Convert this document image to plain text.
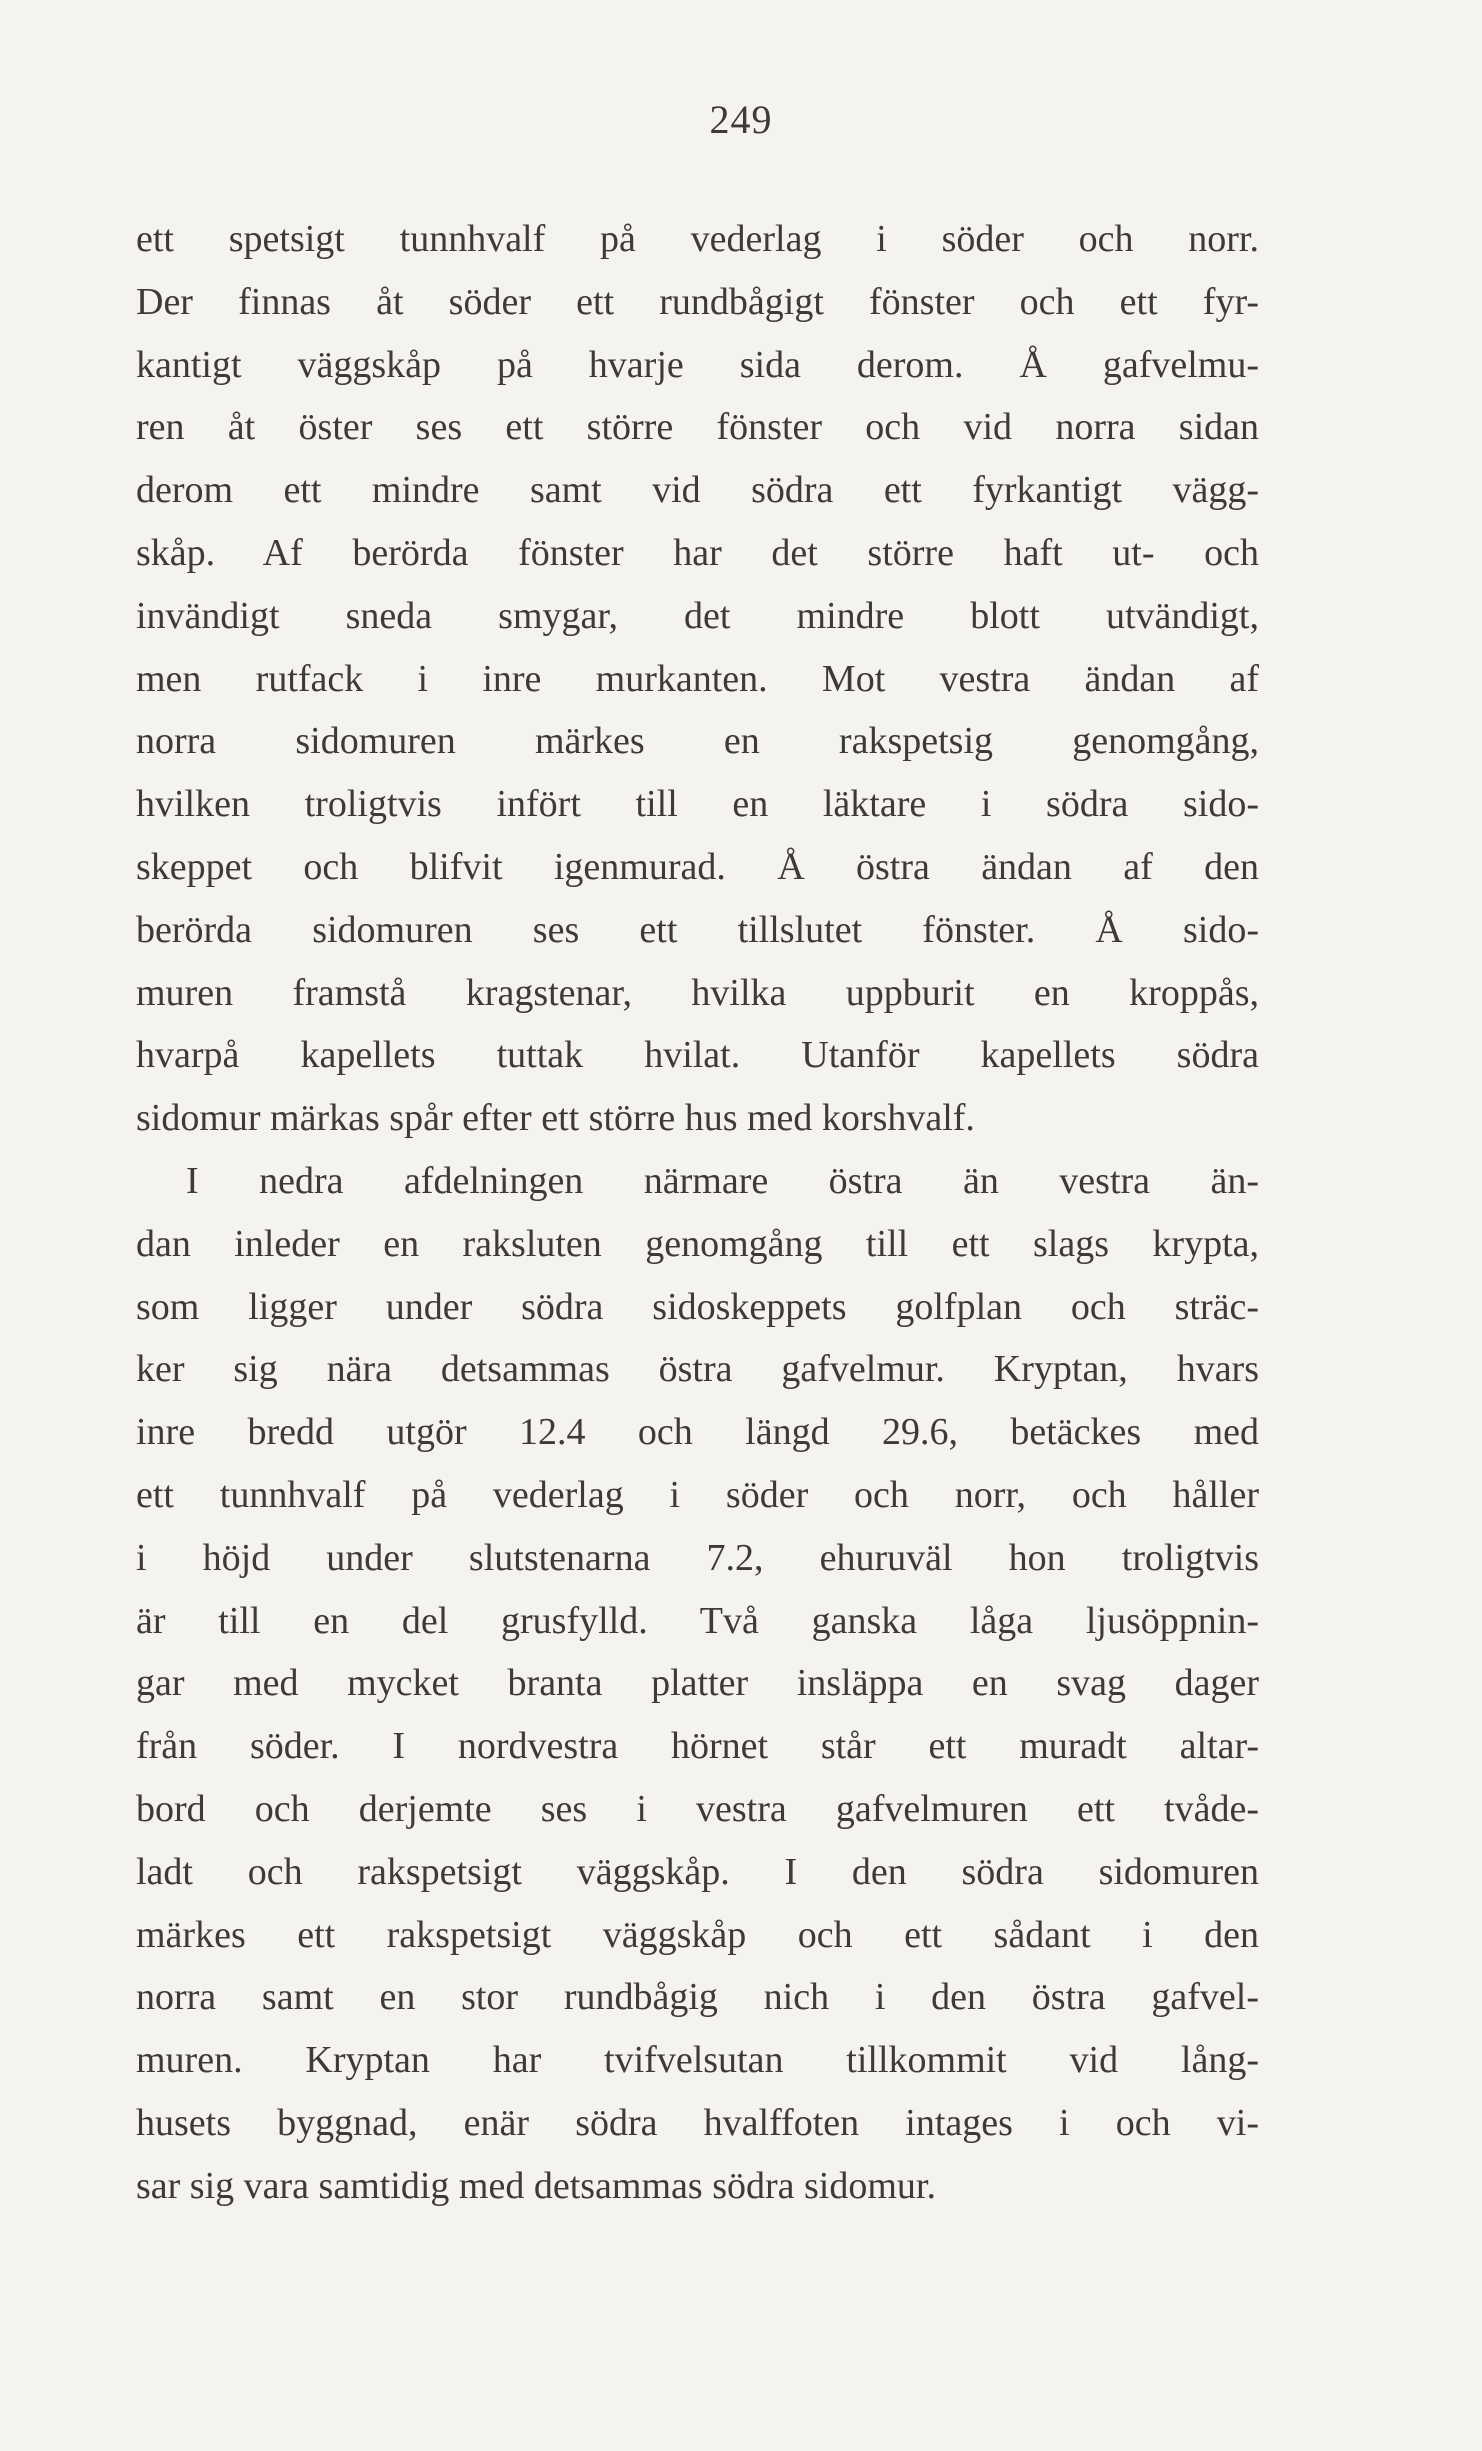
249
ett spetsigt tunnhvalf på vederlag i söder och norr.
Der finnas åt söder ett rundbågigt fönster och ett fyr-
kantigt väggskåp på hvarje sida derom. Å gafvelmu-
ren åt öster ses ett större fönster och vid norra sidan
derom ett mindre samt vid södra ett fyrkantigt vägg-
skåp. Af berörda fönster har det större haft ut- och
invändigt sneda smygar, det mindre blott utvändigt,
men rutfack i inre murkanten. Mot vestra ändan af
norra sidomuren märkes en rakspetsig genomgång,
hvilken troligtvis infört till en läktare i södra sido-
skeppet och blifvit igenmurad. Å östra ändan af den
berörda sidomuren ses ett tillslutet fönster. Å sido-
muren framstå kragstenar, hvilka uppburit en kroppås,
hvarpå kapellets tuttak hvilat. Utanför kapellets södra
sidomur märkas spår efter ett större hus med korshvalf.
I nedra afdelningen närmare östra än vestra än-
dan inleder en rakslutеn genomgång till ett slags krypta,
som ligger under södra sidoskeppets golfplan och sträc-
ker sig nära detsammas östra gafvelmur. Kryptan, hvars
inre bredd utgör 12.4 och längd 29.6, betäckes med
ett tunnhvalf på vederlag i söder och norr, och håller
i höjd under slutstenarna 7.2, ehuruväl hon troligtvis
är till en del grusfylld. Två ganska låga ljusöppnin-
gar med mycket branta platter insläppa en svag dager
från söder. I nordvestra hörnet står ett muradt altar-
bord och derjemte ses i vestra gafvelmuren ett tvåde-
ladt och rakspetsigt väggskåp. I den södra sidomuren
märkes ett rakspetsigt väggskåp och ett sådant i den
norra samt en stor rundbågig nich i den östra gafvel-
muren. Kryptan har tvifvelsutan tillkommit vid lång-
husets byggnad, enär södra hvalffoten intages i och vi-
sar sig vara samtidig med detsammas södra sidomur.
